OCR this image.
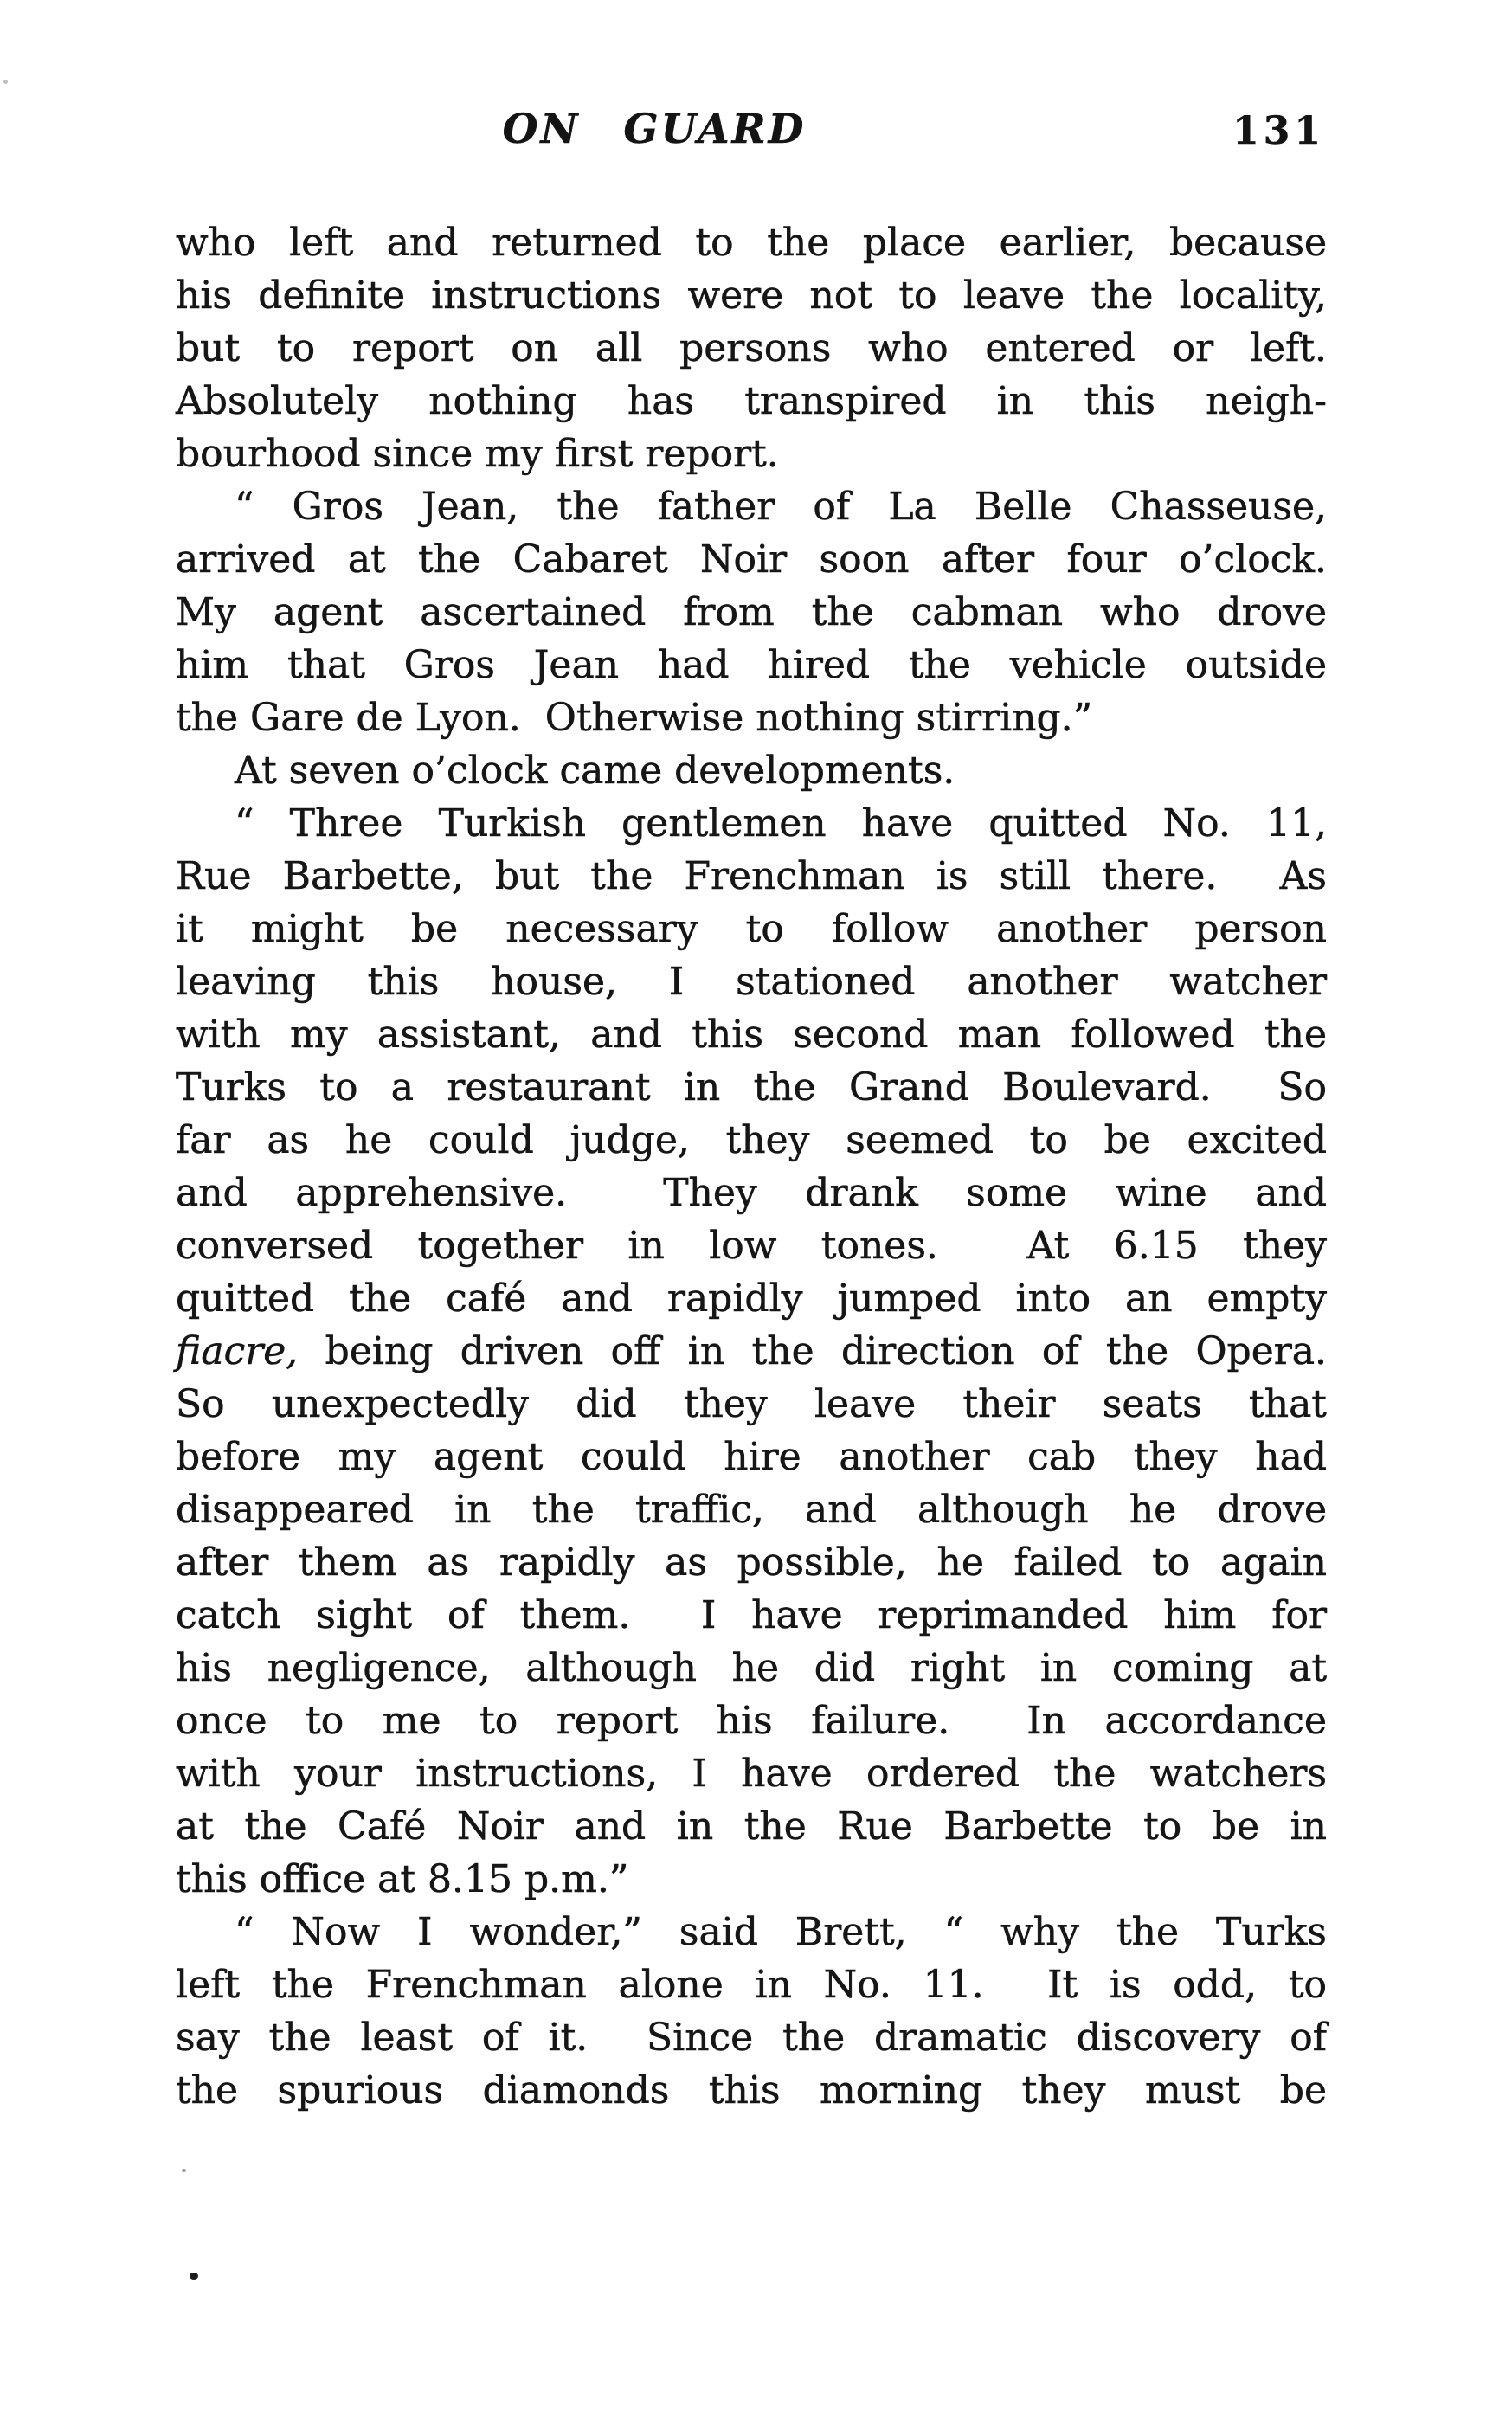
ON GUARD	131
who left and returned to the place earlier, because
his definite instructions were not to leave the locality,
but to report on all persons who entered or left.
Absolutely nothing has transpired in this neigh-
bourhood since my first report.
“ Gros Jean, the father of La Belle Chasseuse,
arrived at the Cabaret Noir soon after four o’clock.
My agent ascertained from the cabman who drove
him that Gros Jean had hired the vehicle outside
the Gare de Lyon.  Otherwise nothing stirring.”
At seven o’clock came developments.
“ Three Turkish gentlemen have quitted No. 11,
Rue Barbette, but the Frenchman is still there.  As
it might be necessary to follow another person
leaving this house, I stationed another watcher
with my assistant, and this second man followed the
Turks to a restaurant in the Grand Boulevard.  So
far as he could judge, they seemed to be excited
and apprehensive.  They drank some wine and
conversed together in low tones.  At 6.15 they
quitted the café and rapidly jumped into an empty
fiacre, being driven off in the direction of the Opera.
So unexpectedly did they leave their seats that
before my agent could hire another cab they had
disappeared in the traffic, and although he drove
after them as rapidly as possible, he failed to again
catch sight of them.  I have reprimanded him for
his negligence, although he did right in coming at
once to me to report his failure.  In accordance
with your instructions, I have ordered the watchers
at the Café Noir and in the Rue Barbette to be in
this office at 8.15 p.m.”
“ Now I wonder,” said Brett, “ why the Turks
left the Frenchman alone in No. 11.  It is odd, to
say the least of it.  Since the dramatic discovery of
the spurious diamonds this morning they must be
